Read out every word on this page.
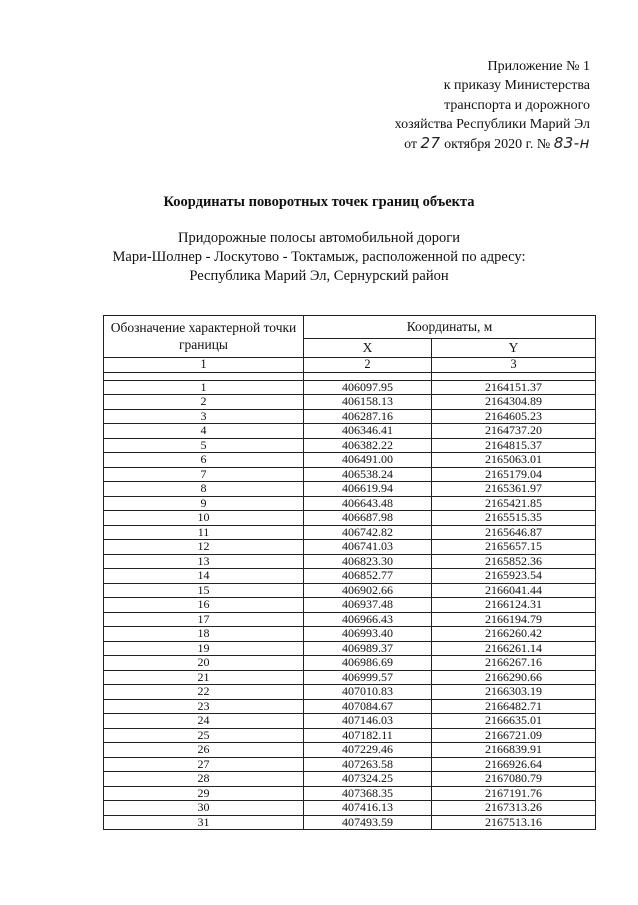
Приложение № 1
к приказу Министерства
транспорта и дорожного
хозяйства Республики Марий Эл
от 27 октября 2020 г. № 83-н
Координаты поворотных точек границ объекта
Придорожные полосы автомобильной дороги
Мари-Шолнер - Лоскутово - Токтамыж, расположенной по адресу:
Республика Марий Эл, Сернурский район
Обозначение характерной точки границы	Координаты, м	
	X	Y
1	2	3

1	406097.95	2164151.37
2	406158.13	2164304.89
3	406287.16	2164605.23
4	406346.41	2164737.20
5	406382.22	2164815.37
6	406491.00	2165063.01
7	406538.24	2165179.04
8	406619.94	2165361.97
9	406643.48	2165421.85
10	406687.98	2165515.35
11	406742.82	2165646.87
12	406741.03	2165657.15
13	406823.30	2165852.36
14	406852.77	2165923.54
15	406902.66	2166041.44
16	406937.48	2166124.31
17	406966.43	2166194.79
18	406993.40	2166260.42
19	406989.37	2166261.14
20	406986.69	2166267.16
21	406999.57	2166290.66
22	407010.83	2166303.19
23	407084.67	2166482.71
24	407146.03	2166635.01
25	407182.11	2166721.09
26	407229.46	2166839.91
27	407263.58	2166926.64
28	407324.25	2167080.79
29	407368.35	2167191.76
30	407416.13	2167313.26
31	407493.59	2167513.16
